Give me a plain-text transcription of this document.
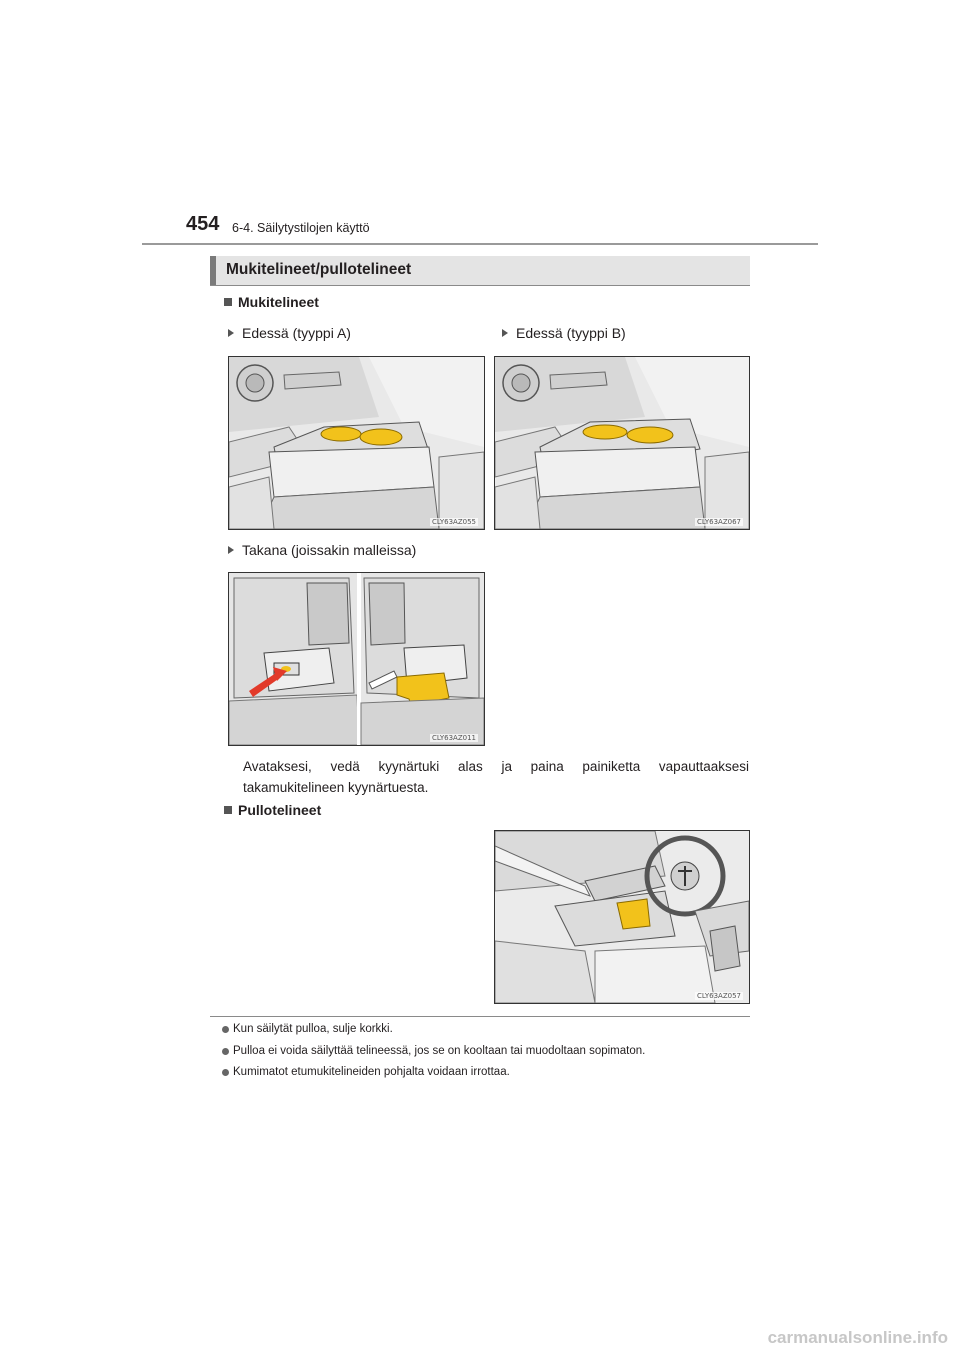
454 6-4. Säilytystilojen käyttö
Mukitelineet/pullotelineet
Mukitelineet
Edessä (tyyppi A)	Edessä (tyyppi B)
CLY63AZ055	CLY63AZ067
Takana (joissakin malleissa)
CLY63AZ011
Avataksesi, vedä kyynärtuki alas ja paina painiketta vapauttaaksesi takamukitelineen kyynärtuesta.
Pullotelineet
CLY63AZ057
Kun säilytät pulloa, sulje korkki.
Pulloa ei voida säilyttää telineessä, jos se on kooltaan tai muodoltaan sopimaton.
Kumimatot etumukitelineiden pohjalta voidaan irrottaa.
carmanualsonline.info
